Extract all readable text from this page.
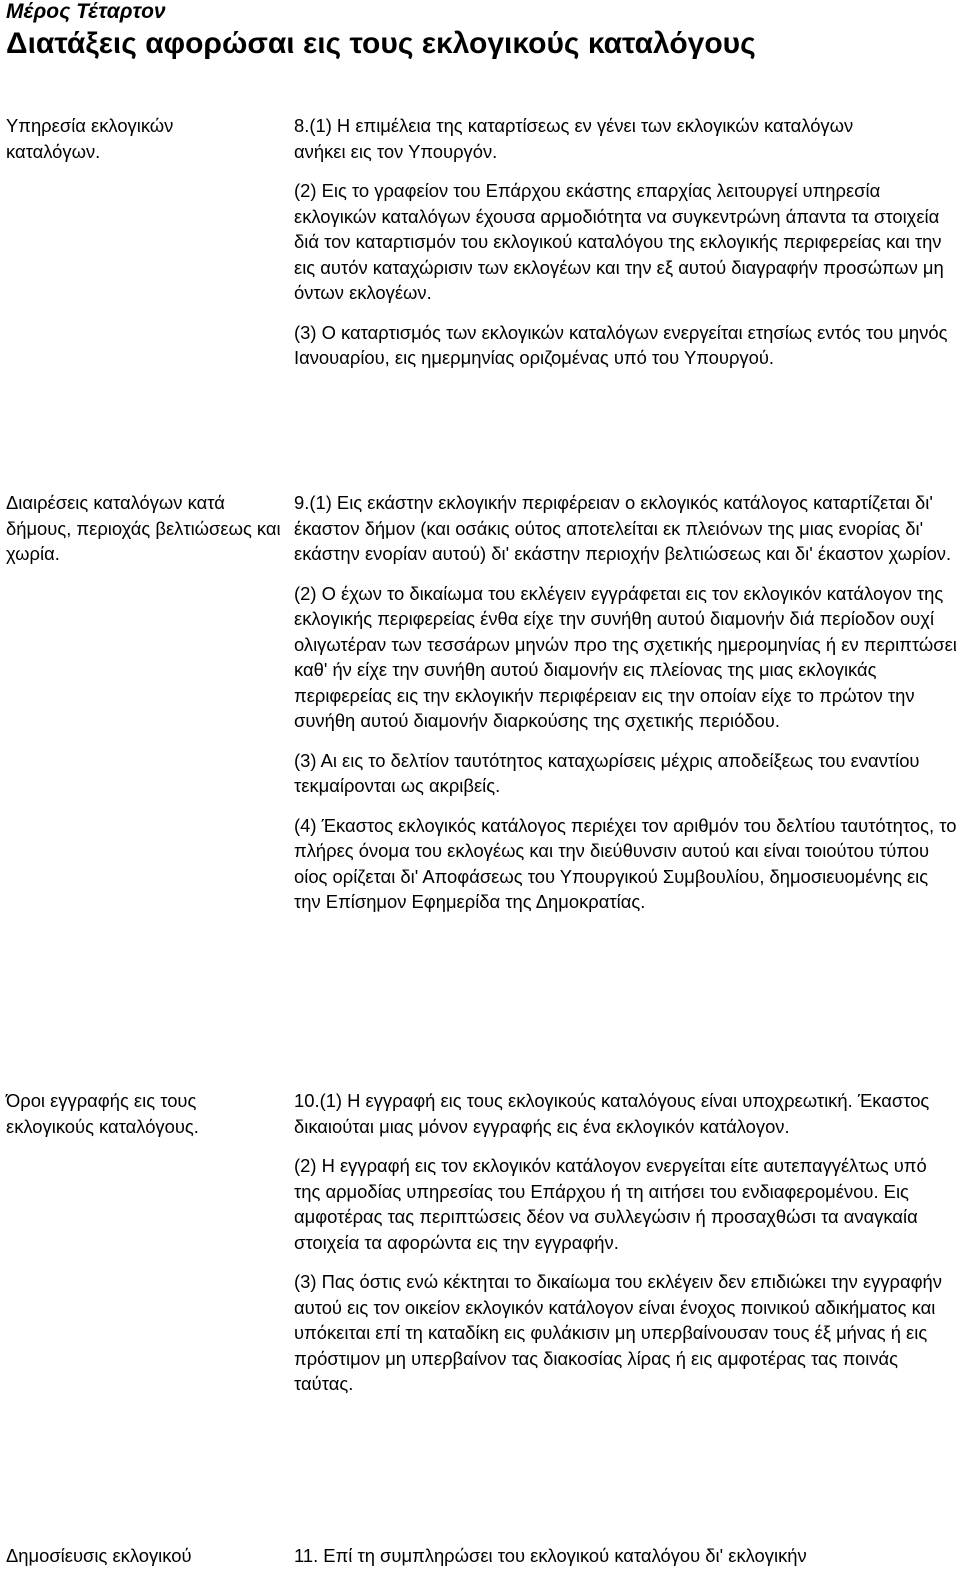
Μέρος Τέταρτον
Διατάξεις αφορώσαι εις τους εκλογικούς καταλόγους
Υπηρεσία εκλογικών καταλόγων.

8.(1) Η επιμέλεια της καταρτίσεως εν γένει των εκλογικών καταλόγων ανήκει εις τον Υπουργόν.

(2) Εις το γραφείον του Επάρχου εκάστης επαρχίας λειτουργεί υπηρεσία εκλογικών καταλόγων έχουσα αρμοδιότητα να συγκεντρώνη άπαντα τα στοιχεία διά τον καταρτισμόν του εκλογικού καταλόγου της εκλογικής περιφερείας και την εις αυτόν καταχώρισιν των εκλογέων και την εξ αυτού διαγραφήν προσώπων μη όντων εκλογέων.

(3) Ο καταρτισμός των εκλογικών καταλόγων ενεργείται ετησίως εντός του μηνός Ιανουαρίου, εις ημερμηνίας οριζομένας υπό του Υπουργού.

Διαιρέσεις καταλόγων κατά δήμους, περιοχάς βελτιώσεως και χωρία.

9.(1) Εις εκάστην εκλογικήν περιφέρειαν ο εκλογικός κατάλογος καταρτίζεται δι' έκαστον δήμον (και οσάκις ούτος αποτελείται εκ πλειόνων της μιας ενορίας δι' εκάστην ενορίαν αυτού) δι' εκάστην περιοχήν βελτιώσεως και δι' έκαστον χωρίον.

(2) Ο έχων το δικαίωμα του εκλέγειν εγγράφεται εις τον εκλογικόν κατάλογον της εκλογικής περιφερείας ένθα είχε την συνήθη αυτού διαμονήν διά περίοδον ουχί ολιγωτέραν των τεσσάρων μηνών προ της σχετικής ημερομηνίας ή εν περιπτώσει καθ' ήν είχε την συνήθη αυτού διαμονήν εις πλείονας της μιας εκλογικάς περιφερείας εις την εκλογικήν περιφέρειαν εις την οποίαν είχε το πρώτον την συνήθη αυτού διαμονήν διαρκούσης της σχετικής περιόδου.

(3) Αι εις το δελτίον ταυτότητος καταχωρίσεις μέχρις αποδείξεως του εναντίου τεκμαίρονται ως ακριβείς.

(4) Έκαστος εκλογικός κατάλογος περιέχει τον αριθμόν του δελτίου ταυτότητος, το πλήρες όνομα του εκλογέως και την διεύθυνσιν αυτού και είναι τοιούτου τύπου οίος ορίζεται δι' Αποφάσεως του Υπουργικού Συμβουλίου, δημοσιευομένης εις την Επίσημον Εφημερίδα της Δημοκρατίας.

Όροι εγγραφής εις τους εκλογικούς καταλόγους.

10.(1) Η εγγραφή εις τους εκλογικούς καταλόγους είναι υποχρεωτική. Έκαστος δικαιούται μιας μόνον εγγραφής εις ένα εκλογικόν κατάλογον.

(2) Η εγγραφή εις τον εκλογικόν κατάλογον ενεργείται είτε αυτεπαγγέλτως υπό της αρμοδίας υπηρεσίας του Επάρχου ή τη αιτήσει του ενδιαφερομένου. Εις αμφοτέρας τας περιπτώσεις δέον να συλλεγώσιν ή προσαχθώσι τα αναγκαία στοιχεία τα αφορώντα εις την εγγραφήν.

(3) Πας όστις ενώ κέκτηται το δικαίωμα του εκλέγειν δεν επιδιώκει την εγγραφήν αυτού εις τον οικείον εκλογικόν κατάλογον είναι ένοχος ποινικού αδικήματος και υπόκειται επί τη καταδίκη εις φυλάκισιν μη υπερβαίνουσαν τους έξ μήνας ή εις πρόστιμον μη υπερβαίνον τας διακοσίας λίρας ή εις αμφοτέρας τας ποινάς ταύτας.

Δημοσίευσις εκλογικού	11. Επί τη συμπληρώσει του εκλογικού καταλόγου δι' εκλογικήν
